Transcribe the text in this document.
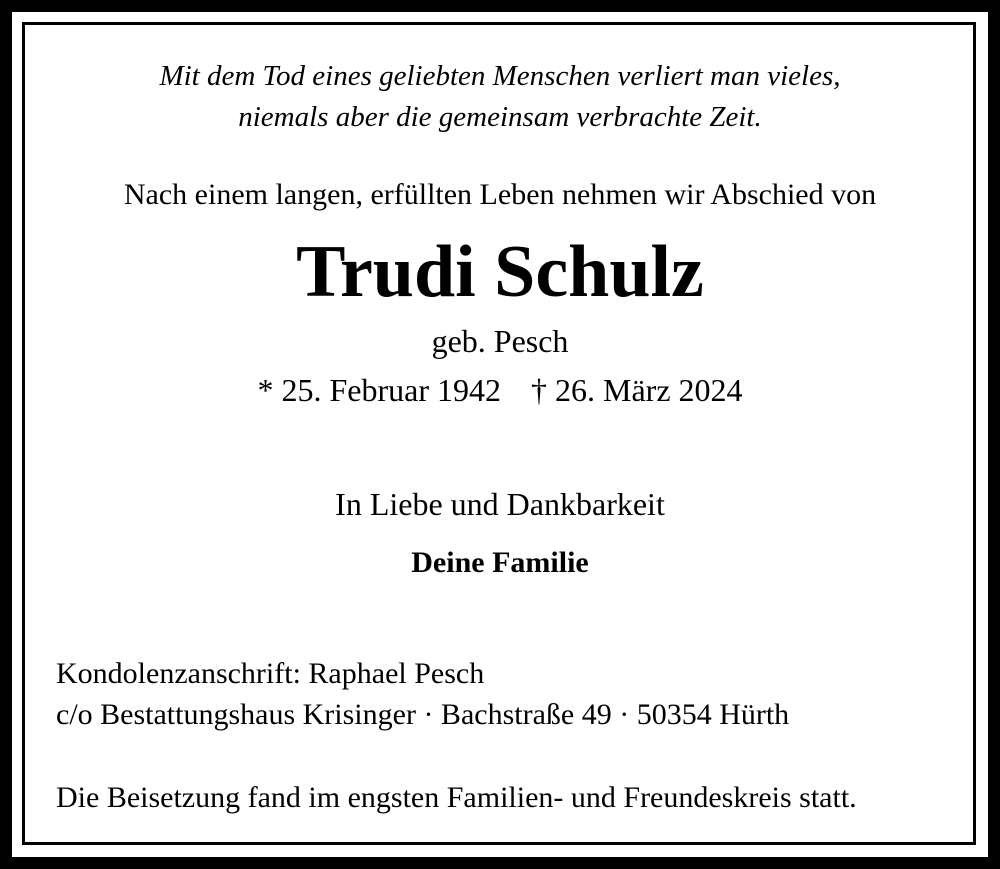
Mit dem Tod eines geliebten Menschen verliert man vieles,
niemals aber die gemeinsam verbrachte Zeit.
Nach einem langen, erfüllten Leben nehmen wir Abschied von
Trudi Schulz
geb. Pesch
* 25. Februar 1942 † 26. März 2024
In Liebe und Dankbarkeit
Deine Familie
Kondolenzanschrift: Raphael Pesch
c/o Bestattungshaus Krisinger · Bachstraße 49 · 50354 Hürth
Die Beisetzung fand im engsten Familien- und Freundeskreis statt.
